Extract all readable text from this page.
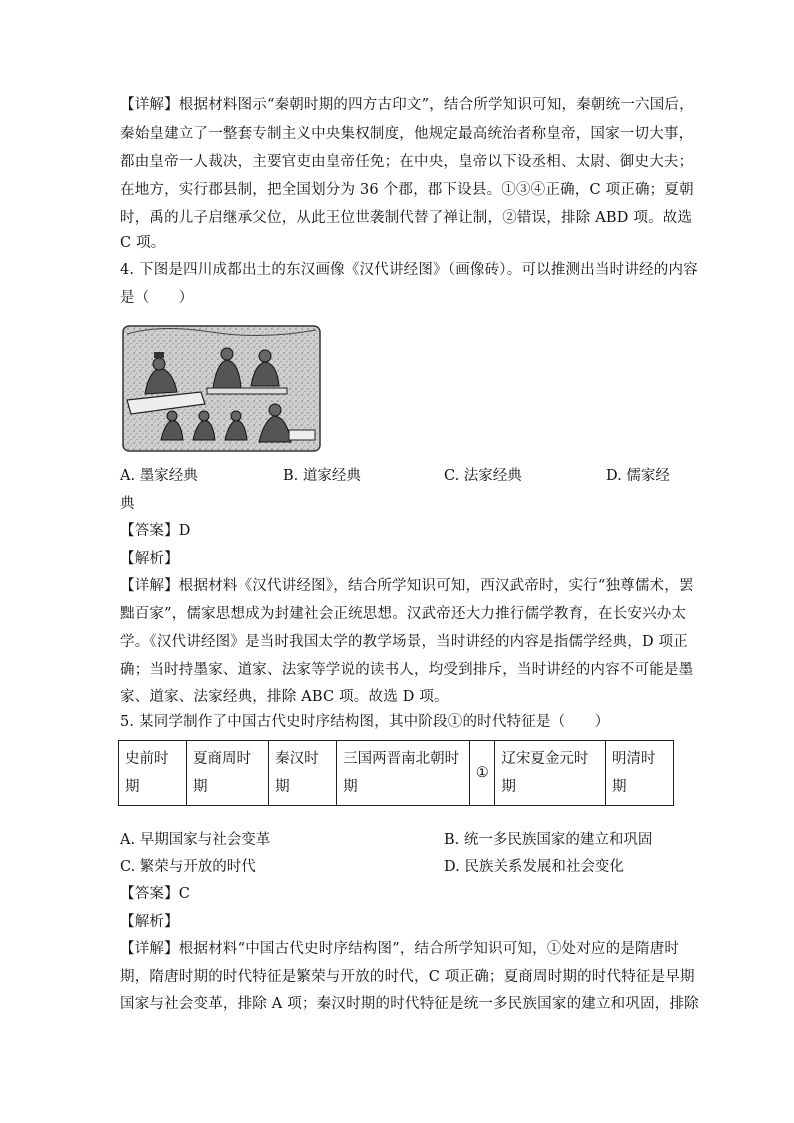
【详解】根据材料图示“秦朝时期的四方古印文”，结合所学知识可知，秦朝统一六国后，
秦始皇建立了一整套专制主义中央集权制度，他规定最高统治者称皇帝，国家一切大事，
都由皇帝一人裁决，主要官吏由皇帝任免；在中央，皇帝以下设丞相、太尉、御史大夫；
在地方，实行郡县制，把全国划分为 36 个郡，郡下设县。①③④正确，C 项正确；夏朝
时，禹的儿子启继承父位，从此王位世袭制代替了禅让制，②错误，排除 ABD 项。故选
C 项。
4. 下图是四川成都出土的东汉画像《汉代讲经图》（画像砖）。可以推测出当时讲经的内容
是（　　）
A. 墨家经典	B. 道家经典	C. 法家经典	D. 儒家经
典
【答案】D
【解析】
【详解】根据材料《汉代讲经图》，结合所学知识可知，西汉武帝时，实行“独尊儒术，罢
黜百家”，儒家思想成为封建社会正统思想。汉武帝还大力推行儒学教育，在长安兴办太
学。《汉代讲经图》是当时我国太学的教学场景，当时讲经的内容是指儒学经典，D 项正
确；当时持墨家、道家、法家等学说的读书人，均受到排斥，当时讲经的内容不可能是墨
家、道家、法家经典，排除 ABC 项。故选 D 项。
5. 某同学制作了中国古代史时序结构图，其中阶段①的时代特征是（　　）
史前时
期	夏商周时
期	秦汉时
期	三国两晋南北朝时
期	①	辽宋夏金元时
期	明清时
期
A. 早期国家与社会变革	B. 统一多民族国家的建立和巩固
C. 繁荣与开放的时代	D. 民族关系发展和社会变化
【答案】C
【解析】
【详解】根据材料“中国古代史时序结构图”，结合所学知识可知，①处对应的是隋唐时
期，隋唐时期的时代特征是繁荣与开放的时代，C 项正确；夏商周时期的时代特征是早期
国家与社会变革，排除 A 项；秦汉时期的时代特征是统一多民族国家的建立和巩固，排除
